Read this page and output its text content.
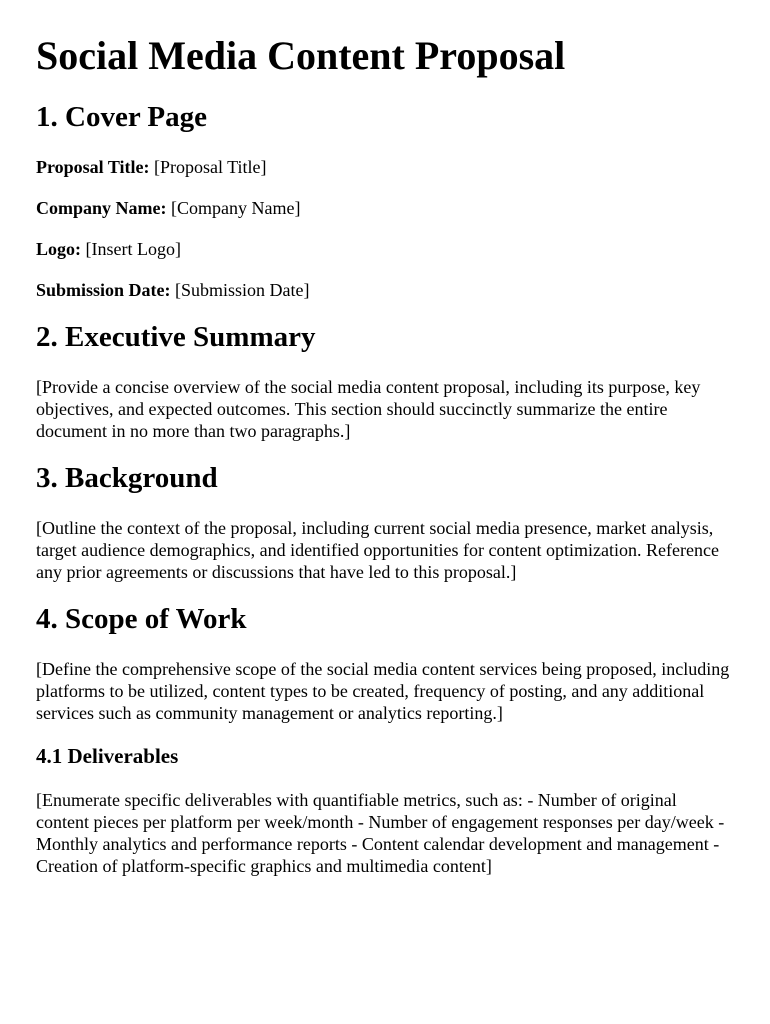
Social Media Content Proposal
1. Cover Page

Proposal Title: [Proposal Title]

Company Name: [Company Name]

Logo: [Insert Logo]

Submission Date: [Submission Date]

2. Executive Summary

[Provide a concise overview of the social media content proposal, including its purpose, key objectives, and expected outcomes. This section should succinctly summarize the entire document in no more than two paragraphs.]

3. Background

[Outline the context of the proposal, including current social media presence, market analysis, target audience demographics, and identified opportunities for content optimization. Reference any prior agreements or discussions that have led to this proposal.]

4. Scope of Work

[Define the comprehensive scope of the social media content services being proposed, including platforms to be utilized, content types to be created, frequency of posting, and any additional services such as community management or analytics reporting.]

4.1 Deliverables

[Enumerate specific deliverables with quantifiable metrics, such as: - Number of original content pieces per platform per week/month - Number of engagement responses per day/week - Monthly analytics and performance reports - Content calendar development and management - Creation of platform-specific graphics and multimedia content]
